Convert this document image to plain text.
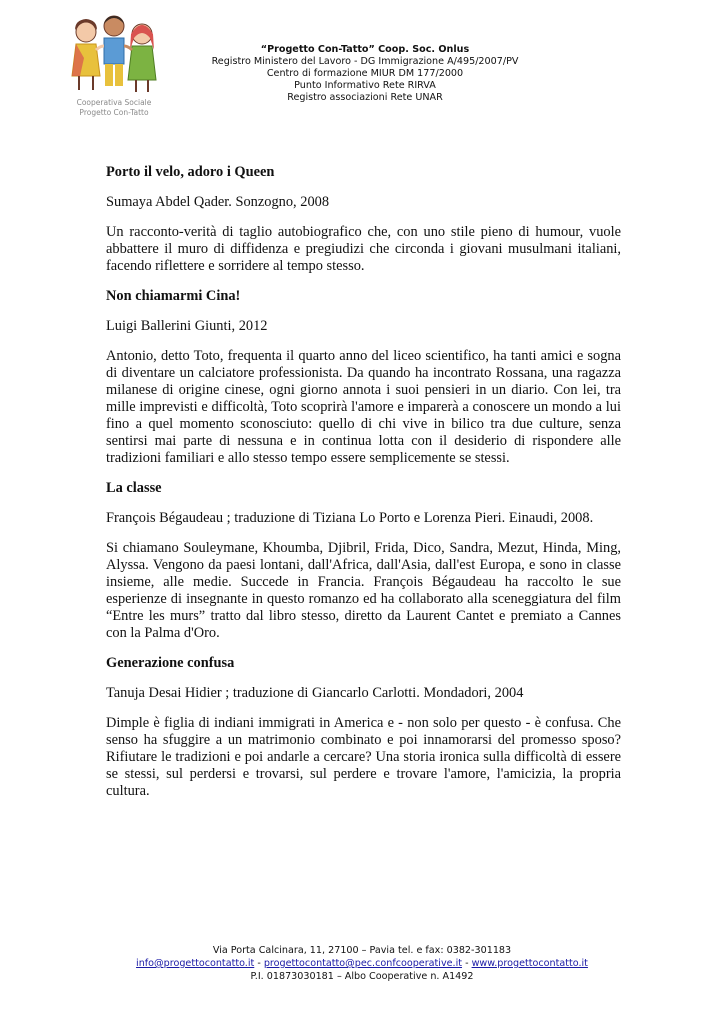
Cooperativa Sociale
Progetto Con-Tatto
“Progetto Con-Tatto” Coop. Soc. Onlus
Registro Ministero del Lavoro - DG Immigrazione A/495/2007/PV
Centro di formazione MIUR DM 177/2000
Punto Informativo Rete RIRVA
Registro associazioni Rete UNAR

Porto il velo, adoro i Queen

Sumaya Abdel Qader. Sonzogno, 2008

Un racconto-verità di taglio autobiografico che, con uno stile pieno di humour, vuole abbattere il muro di diffidenza e pregiudizi che circonda i giovani musulmani italiani, facendo riflettere e sorridere al tempo stesso.

Non chiamarmi Cina!

Luigi Ballerini Giunti, 2012

Antonio, detto Toto, frequenta il quarto anno del liceo scientifico, ha tanti amici e sogna di diventare un calciatore professionista. Da quando ha incontrato Rossana, una ragazza milanese di origine cinese, ogni giorno annota i suoi pensieri in un diario. Con lei, tra mille imprevisti e difficoltà, Toto scoprirà l'amore e imparerà a conoscere un mondo a lui fino a quel momento sconosciuto: quello di chi vive in bilico tra due culture, senza sentirsi mai parte di nessuna e in continua lotta con il desiderio di rispondere alle tradizioni familiari e allo stesso tempo essere semplicemente se stessi.

La classe

François Bégaudeau ; traduzione di Tiziana Lo Porto e Lorenza Pieri. Einaudi, 2008.

Si chiamano Souleymane, Khoumba, Djibril, Frida, Dico, Sandra, Mezut, Hinda, Ming, Alyssa. Vengono da paesi lontani, dall'Africa, dall'Asia, dall'est Europa, e sono in classe insieme, alle medie. Succede in Francia. François Bégaudeau ha raccolto le sue esperienze di insegnante in questo romanzo ed ha collaborato alla sceneggiatura del film “Entre les murs” tratto dal libro stesso, diretto da Laurent Cantet e premiato a Cannes con la Palma d'Oro.

Generazione confusa

Tanuja Desai Hidier ; traduzione di Giancarlo Carlotti. Mondadori, 2004

Dimple è figlia di indiani immigrati in America e - non solo per questo - è confusa. Che senso ha sfuggire a un matrimonio combinato e poi innamorarsi del promesso sposo? Rifiutare le tradizioni e poi andarle a cercare? Una storia ironica sulla difficoltà di essere se stessi, sul perdersi e trovarsi, sul perdere e trovare l'amore, l'amicizia, la propria cultura.

Via Porta Calcinara, 11, 27100 – Pavia tel. e fax: 0382-301183
info@progettocontatto.it - progettocontatto@pec.confcooperative.it - www.progettocontatto.it
P.I. 01873030181 – Albo Cooperative n. A1492
